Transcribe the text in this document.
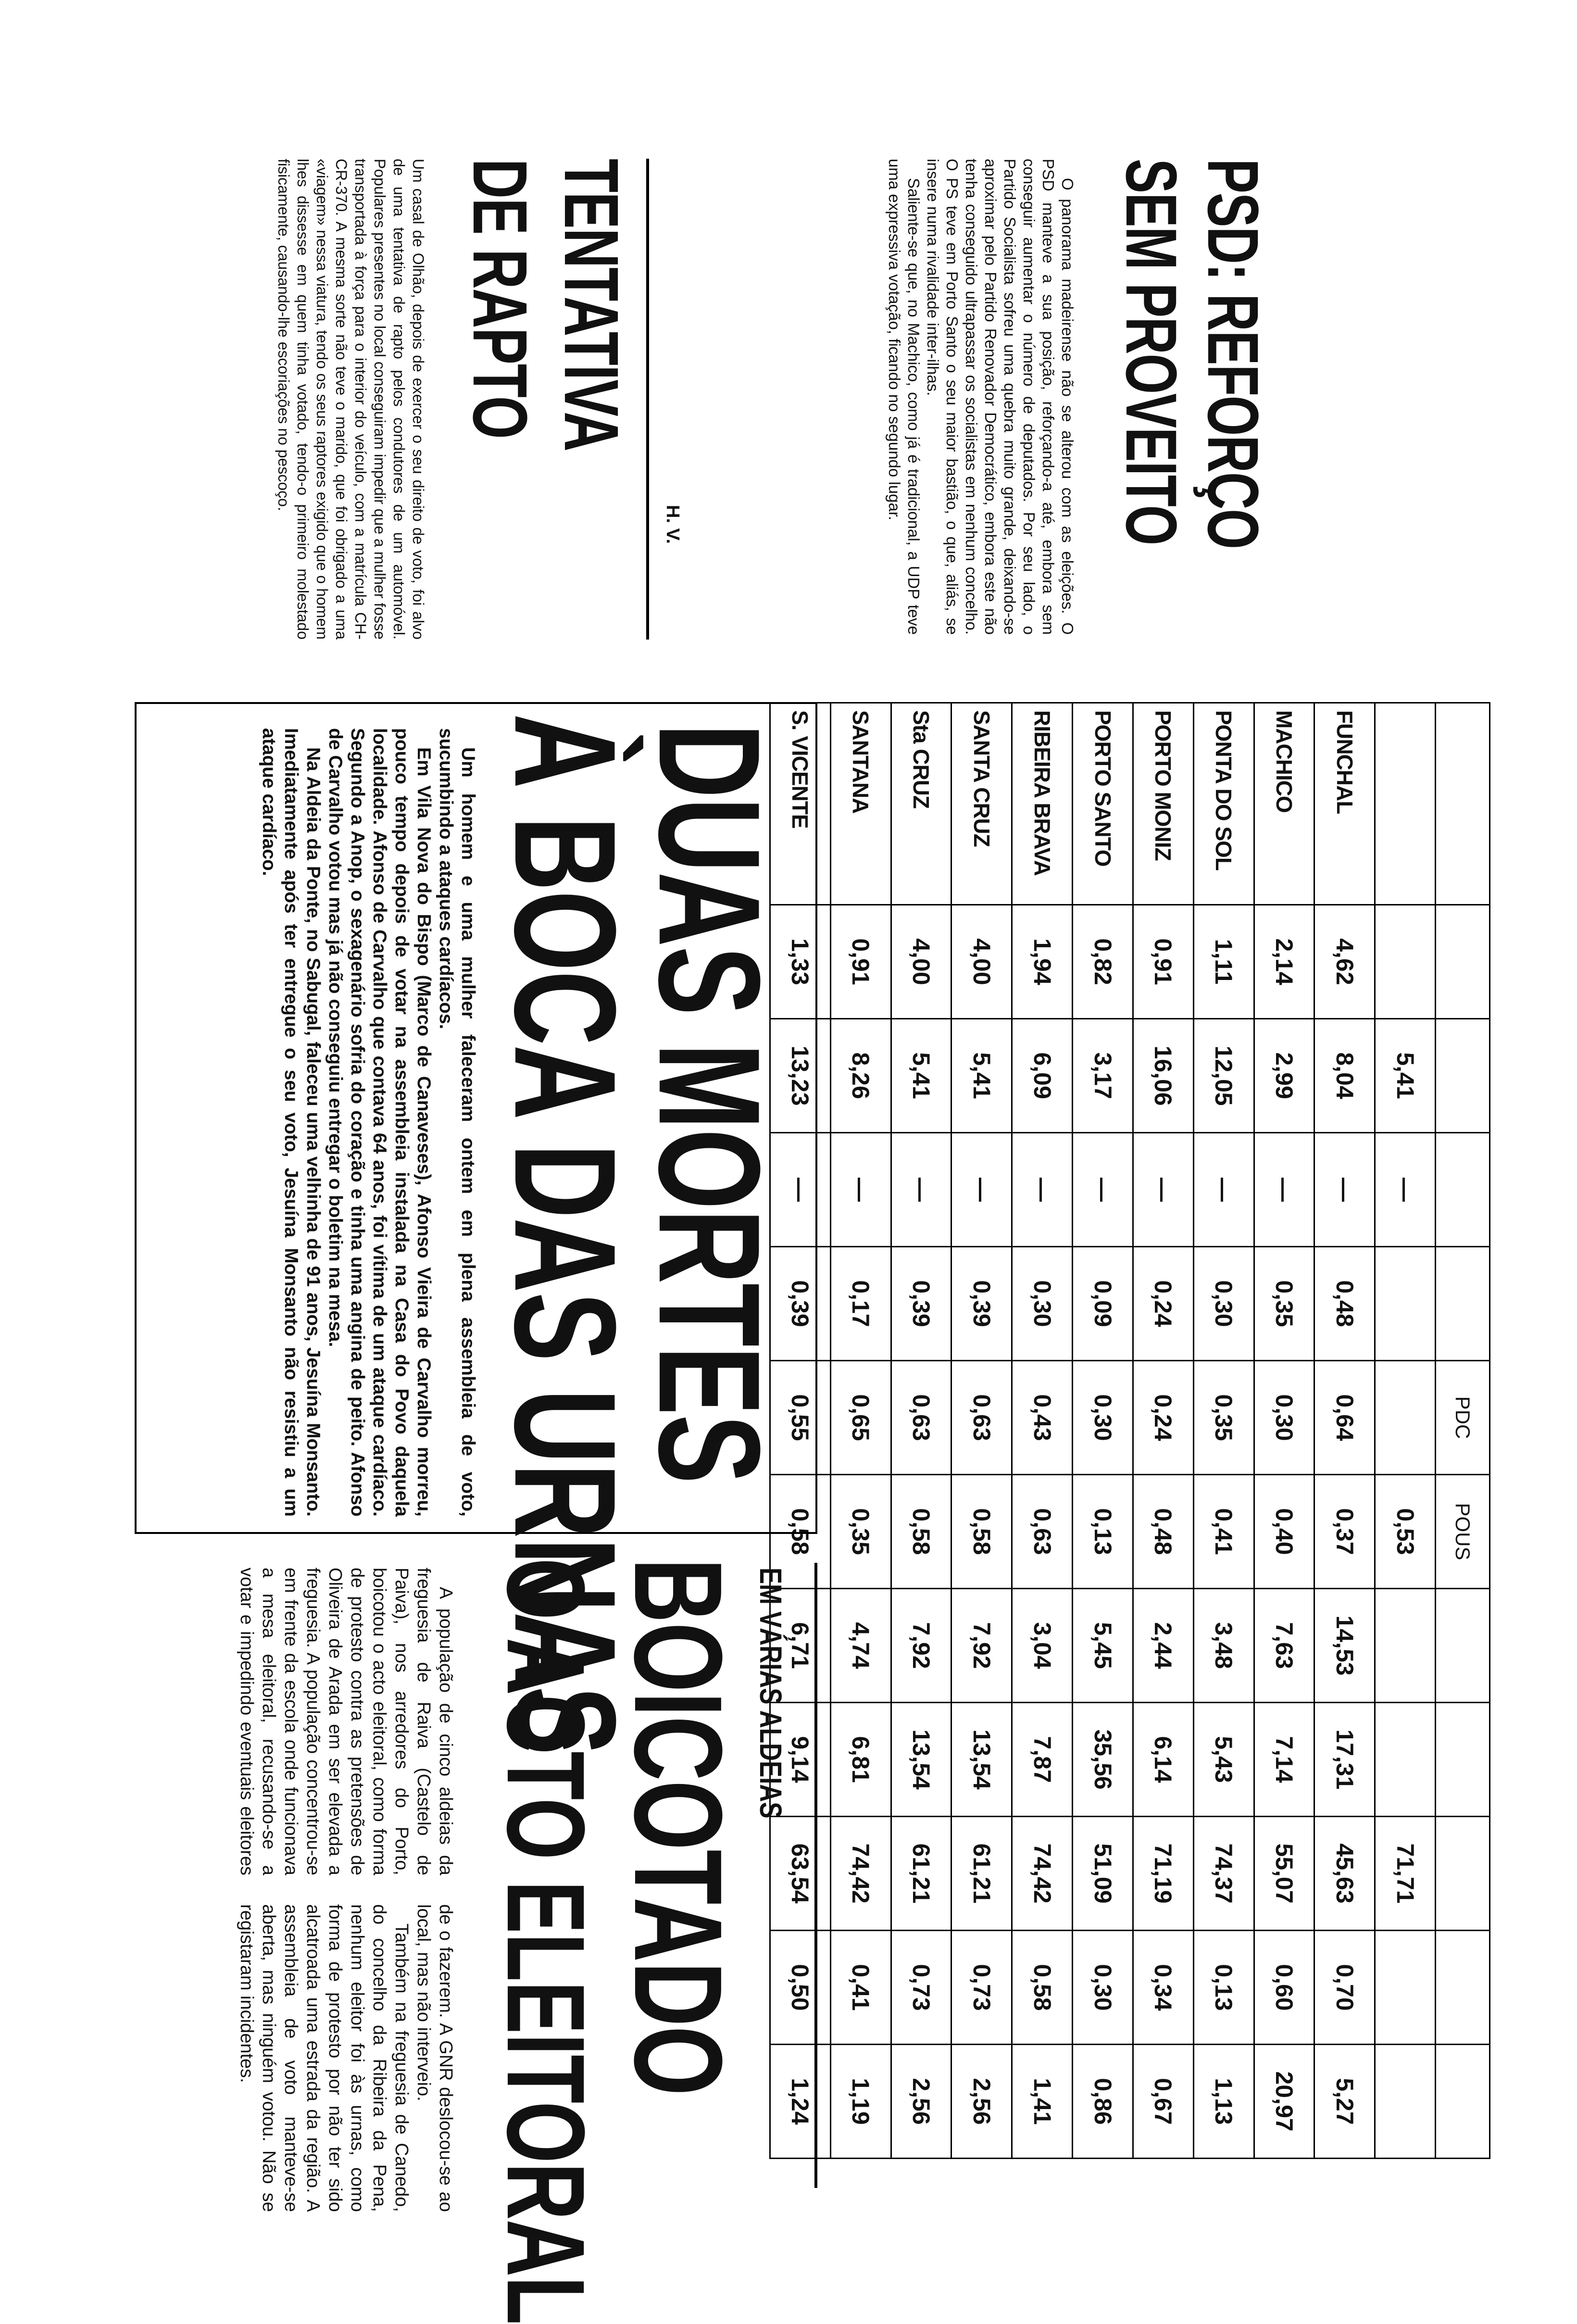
PSD: REFORÇO
SEM PROVEITO

O panorama madeirense não se alterou com as eleições. O PSD manteve a sua posição, reforçando-a até, embora sem conseguir aumentar o número de deputados. Por seu lado, o Partido Socialista sofreu uma quebra muito grande, deixando-se aproximar pelo Partido Renovador Democrático, embora este não tenha conseguido ultrapassar os socialistas em nenhum concelho. O PS teve em Porto Santo o seu maior bastião, o que, aliás, se insere numa rivalidade inter-ilhas.

Saliente-se que, no Machico, como já é tradicional, a UDP teve uma expressiva votação, ficando no segundo lugar.

H. V.
TENTATIVA
DE RAPTO
Um casal de Olhão, depois de exercer o seu direito de voto, foi alvo de uma tentativa de rapto pelos condutores de um automóvel. Populares presentes no local conseguiram impedir que a mulher fosse transportada à força para o interior do veículo, com a matrícula CH-CR-370. A mesma sorte não teve o marido, que foi obrigado a uma «viagem» nessa viatura, tendo os seus raptores exigido que o homem lhes dissesse em quem tinha votado, tendo-o primeiro molestado fisicamente, causando-lhe escoriações no pescoço.
					PDC	POUS					
		5,41	—			0,53			71,71		
FUNCHAL	4,62	8,04	—	0,48	0,64	0,37	14,53	17,31	45,63	0,70	5,27
MACHICO	2,14	2,99	—	0,35	0,30	0,40	7,63	7,14	55,07	0,60	20,97
PONTA DO SOL	1,11	12,05	—	0,30	0,35	0,41	3,48	5,43	74,37	0,13	1,13
PORTO MONIZ	0,91	16,06	—	0,24	0,24	0,48	2,44	6,14	71,19	0,34	0,67
PORTO SANTO	0,82	3,17	—	0,09	0,30	0,13	5,45	35,56	51,09	0,30	0,86
RIBEIRA BRAVA	1,94	6,09	—	0,30	0,43	0,63	3,04	7,87	74,42	0,58	1,41
SANTA CRUZ	4,00	5,41	—	0,39	0,63	0,58	7,92	13,54	61,21	0,73	2,56
Sta CRUZ	4,00	5,41	—	0,39	0,63	0,58	7,92	13,54	61,21	0,73	2,56
SANTANA	0,91	8,26	—	0,17	0,65	0,35	4,74	6,81	74,42	0,41	1,19
S. VICENTE	1,33	13,23	—	0,39	0,55	0,58	6,71	9,14	63,54	0,50	1,24
DUAS MORTES
À BOCA DAS URNAS

Um homem e uma mulher faleceram ontem em plena assembleia de voto, sucumbindo a ataques cardíacos.

Em Vila Nova do Bispo (Marco de Canaveses), Afonso Vieira de Carvalho morreu, pouco tempo depois de votar na assembleia instalada na Casa do Povo daquela localidade. Afonso de Carvalho que contava 64 anos, foi vítima de um ataque cardíaco. Segundo a Anop, o sexagenário sofria do coração e tinha uma angina de peito. Afonso de Carvalho votou mas já não conseguiu entregar o boletim na mesa.

Na Aldeia da Ponte, no Sabugal, faleceu uma velhinha de 91 anos, Jesuína Monsanto. Imediatamente após ter entregue o seu voto, Jesuína Monsanto não resistiu a um ataque cardíaco.

EM VÁRIAS ALDEIAS
BOICOTADO
O ACTO ELEITORAL

A população de cinco aldeias da freguesia de Raiva (Castelo de Paiva), nos arredores do Porto, boicotou o acto eleitoral, como forma de protesto contra as pretensões de Oliveira de Arada em ser elevada a freguesia. A população concentrou-se em frente da escola onde funcionava a mesa eleitoral, recusando-se a votar e impedindo eventuais eleitores de o fazerem. A GNR deslocou-se ao local, mas não interveio.

Também na freguesia de Canedo, do concelho da Ribeira da Pena, nenhum eleitor foi às urnas, como forma de protesto por não ter sido alcatroada uma estrada da região. A assembleia de voto manteve-se aberta, mas ninguém votou. Não se registaram incidentes.
